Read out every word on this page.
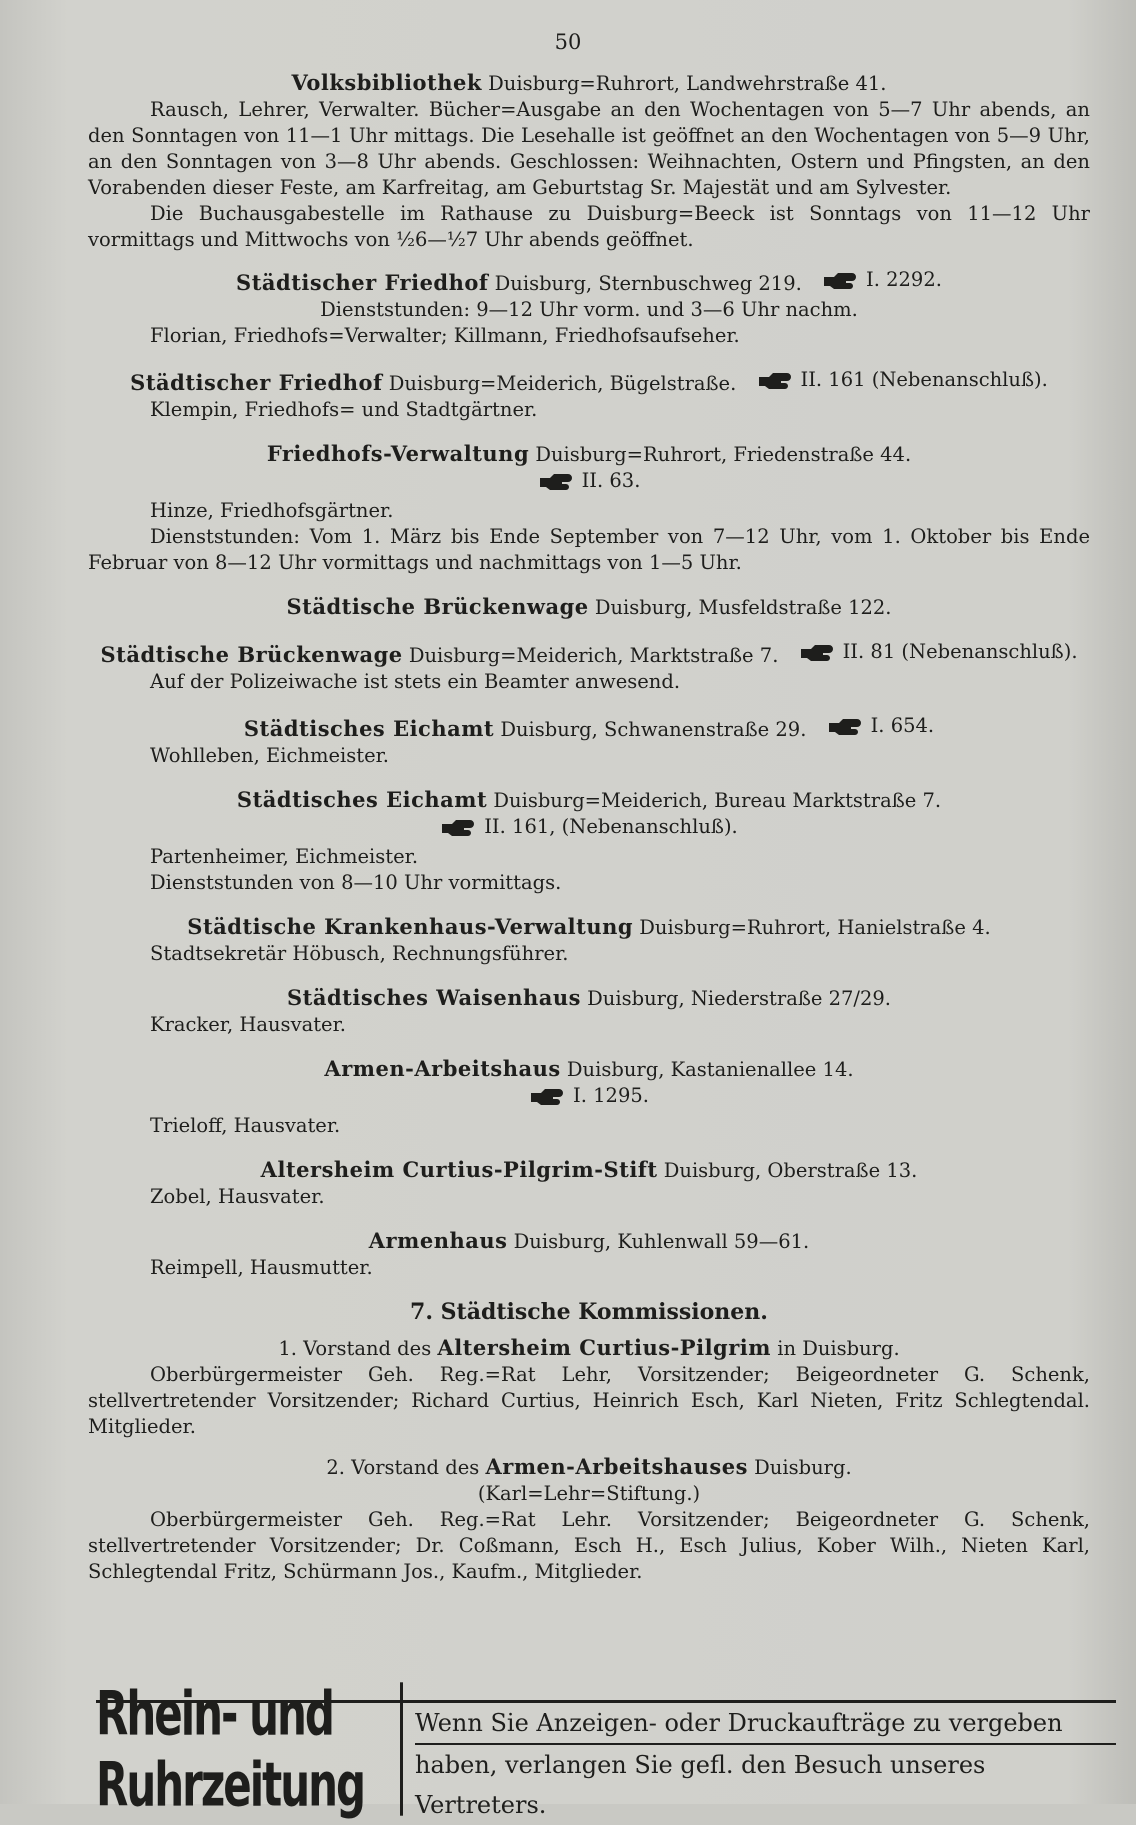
50
Volksbibliothek Duisburg=Ruhrort, Landwehrstraße 41.
Rausch, Lehrer, Verwalter. Bücher=Ausgabe an den Wochentagen von 5—7 Uhr abends, an den Sonntagen von 11—1 Uhr mittags. Die Lesehalle ist geöffnet an den Wochentagen von 5—9 Uhr, an den Sonntagen von 3—8 Uhr abends. Geschlossen: Weihnachten, Ostern und Pfingsten, an den Vorabenden dieser Feste, am Karfreitag, am Geburtstag Sr. Majestät und am Sylvester.
Die Buchausgabestelle im Rathause zu Duisburg=Beeck ist Sonntags von 11—12 Uhr vormittags und Mittwochs von ½6—½7 Uhr abends geöffnet.
Städtischer Friedhof Duisburg, Sternbuschweg 219.	I. 2292.
Dienststunden: 9—12 Uhr vorm. und 3—6 Uhr nachm.
Florian, Friedhofs=Verwalter; Killmann, Friedhofsaufseher.
Städtischer Friedhof Duisburg=Meiderich, Bügelstraße.	II. 161 (Nebenanschluß).
Klempin, Friedhofs= und Stadtgärtner.
Friedhofs-Verwaltung Duisburg=Ruhrort, Friedenstraße 44.
II. 63.
Hinze, Friedhofsgärtner.
Dienststunden: Vom 1. März bis Ende September von 7—12 Uhr, vom 1. Oktober bis Ende Februar von 8—12 Uhr vormittags und nachmittags von 1—5 Uhr.
Städtische Brückenwage Duisburg, Musfeldstraße 122.
Städtische Brückenwage Duisburg=Meiderich, Marktstraße 7.	II. 81 (Nebenanschluß).
Auf der Polizeiwache ist stets ein Beamter anwesend.
Städtisches Eichamt Duisburg, Schwanenstraße 29.	I. 654.
Wohlleben, Eichmeister.
Städtisches Eichamt Duisburg=Meiderich, Bureau Marktstraße 7.
II. 161, (Nebenanschluß).
Partenheimer, Eichmeister.
Dienststunden von 8—10 Uhr vormittags.
Städtische Krankenhaus-Verwaltung Duisburg=Ruhrort, Hanielstraße 4.
Stadtsekretär Höbusch, Rechnungsführer.
Städtisches Waisenhaus Duisburg, Niederstraße 27/29.
Kracker, Hausvater.
Armen-Arbeitshaus Duisburg, Kastanienallee 14.
I. 1295.
Trieloff, Hausvater.
Altersheim Curtius-Pilgrim-Stift Duisburg, Oberstraße 13.
Zobel, Hausvater.
Armenhaus Duisburg, Kuhlenwall 59—61.
Reimpell, Hausmutter.
7. Städtische Kommissionen.
1. Vorstand des Altersheim Curtius-Pilgrim in Duisburg.
Oberbürgermeister Geh. Reg.=Rat Lehr, Vorsitzender; Beigeordneter G. Schenk, stellvertretender Vorsitzender; Richard Curtius, Heinrich Esch, Karl Nieten, Fritz Schlegtendal. Mitglieder.
2. Vorstand des Armen-Arbeitshauses Duisburg.
(Karl=Lehr=Stiftung.)
Oberbürgermeister Geh. Reg.=Rat Lehr. Vorsitzender; Beigeordneter G. Schenk, stellvertretender Vorsitzender; Dr. Coßmann, Esch H., Esch Julius, Kober Wilh., Nieten Karl, Schlegtendal Fritz, Schürmann Jos., Kaufm., Mitglieder.
Rhein- und Ruhrzeitung
Wenn Sie Anzeigen- oder Druckaufträge zu vergeben
haben, verlangen Sie gefl. den Besuch unseres Vertreters.
